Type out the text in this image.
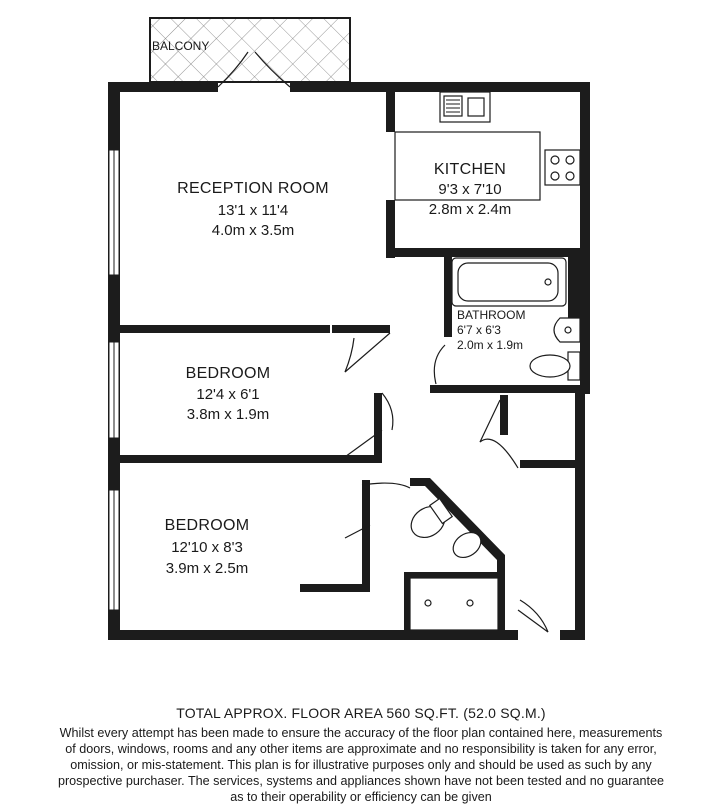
BALCONY
RECEPTION ROOM
13'1 x 11'4
4.0m x 3.5m
KITCHEN
9'3 x 7'10
2.8m x 2.4m
BATHROOM
6'7 x 6'3
2.0m x 1.9m
BEDROOM
12'4 x 6'1
3.8m x 1.9m
BEDROOM
12'10 x 8'3
3.9m x 2.5m
TOTAL APPROX. FLOOR AREA 560 SQ.FT. (52.0 SQ.M.)
Whilst every attempt has been made to ensure the accuracy of the floor plan contained here, measurements
of doors, windows, rooms and any other items are approximate and no responsibility is taken for any error,
omission, or mis-statement. This plan is for illustrative purposes only and should be used as such by any
prospective purchaser. The services, systems and appliances shown have not been tested and no guarantee
as to their operability or efficiency can be given
